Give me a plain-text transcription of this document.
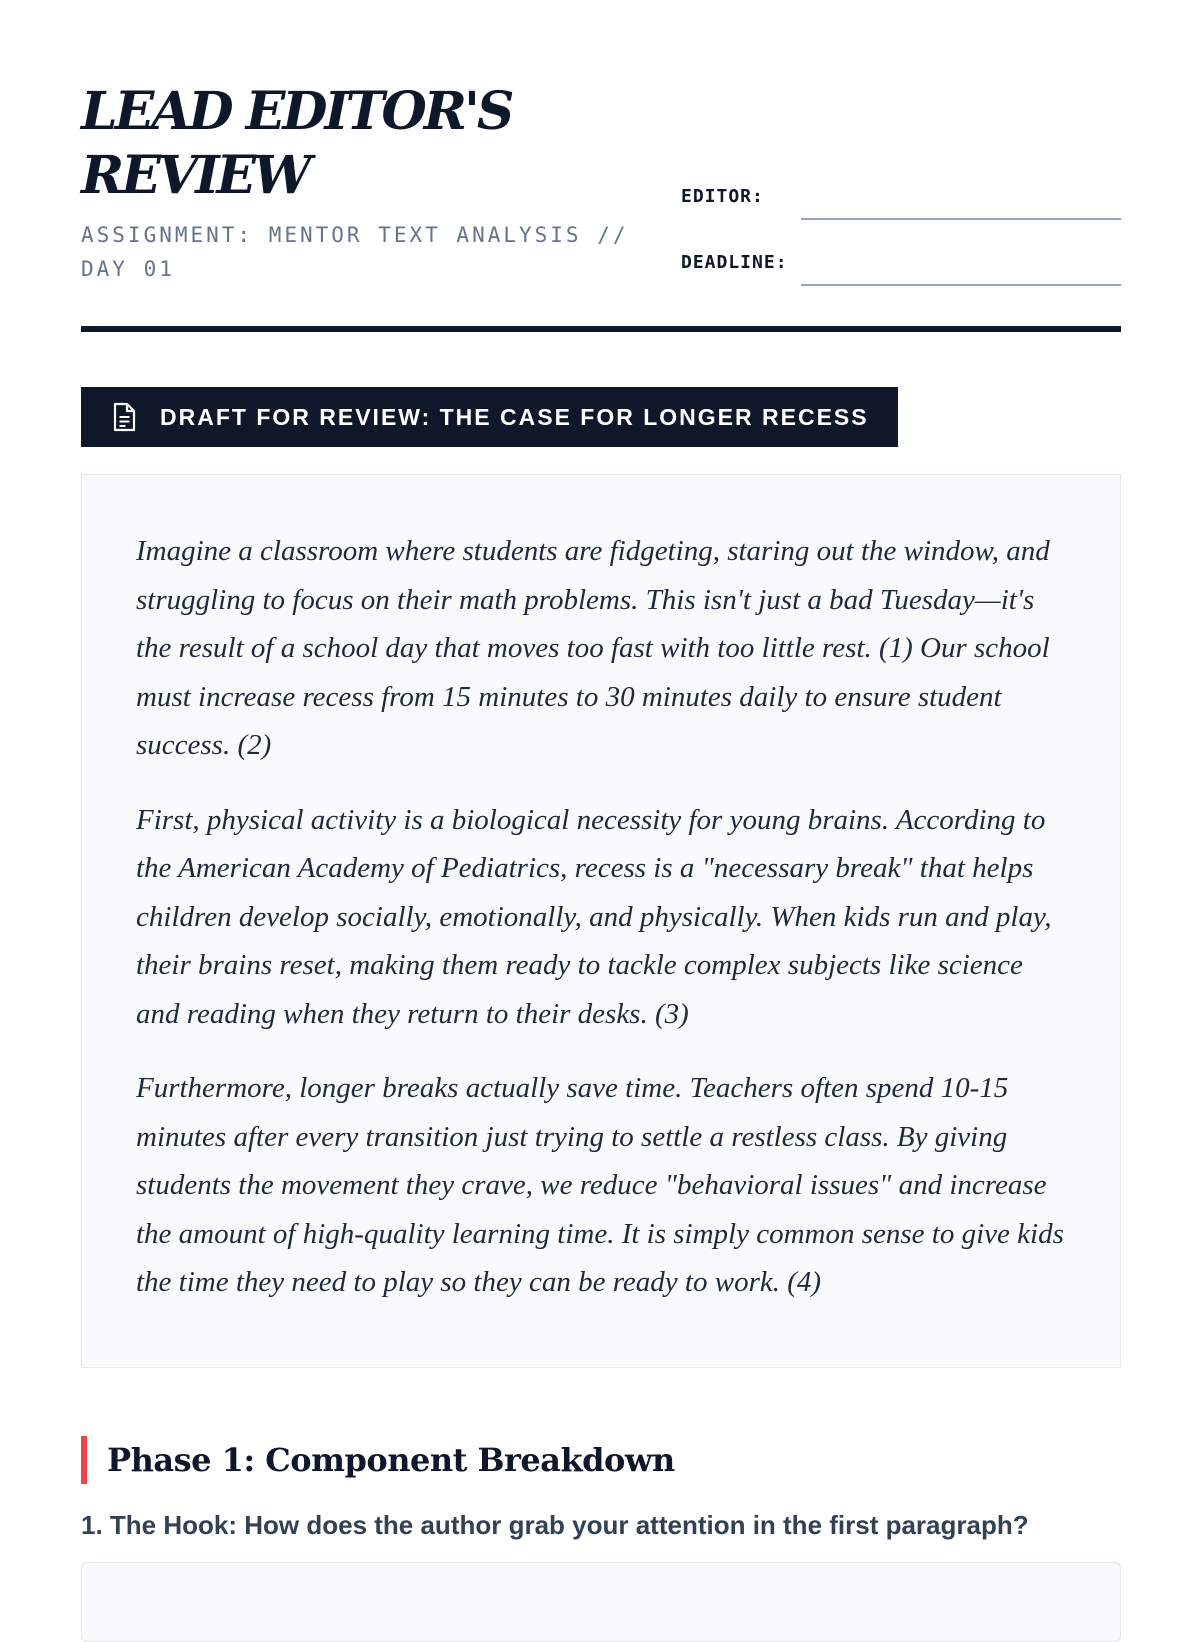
LEAD EDITOR'S
REVIEW
ASSIGNMENT: MENTOR TEXT ANALYSIS // DAY 01
EDITOR:
DEADLINE:
DRAFT FOR REVIEW: THE CASE FOR LONGER RECESS

Imagine a classroom where students are fidgeting, staring out the window, and struggling to focus on their math problems. This isn't just a bad Tuesday—it's the result of a school day that moves too fast with too little rest. (1) Our school must increase recess from 15 minutes to 30 minutes daily to ensure student success. (2)

First, physical activity is a biological necessity for young brains. According to the American Academy of Pediatrics, recess is a "necessary break" that helps children develop socially, emotionally, and physically. When kids run and play, their brains reset, making them ready to tackle complex subjects like science and reading when they return to their desks. (3)

Furthermore, longer breaks actually save time. Teachers often spend 10-15 minutes after every transition just trying to settle a restless class. By giving students the movement they crave, we reduce "behavioral issues" and increase the amount of high-quality learning time. It is simply common sense to give kids the time they need to play so they can be ready to work. (4)

Phase 1: Component Breakdown
1. The Hook: How does the author grab your attention in the first paragraph?
